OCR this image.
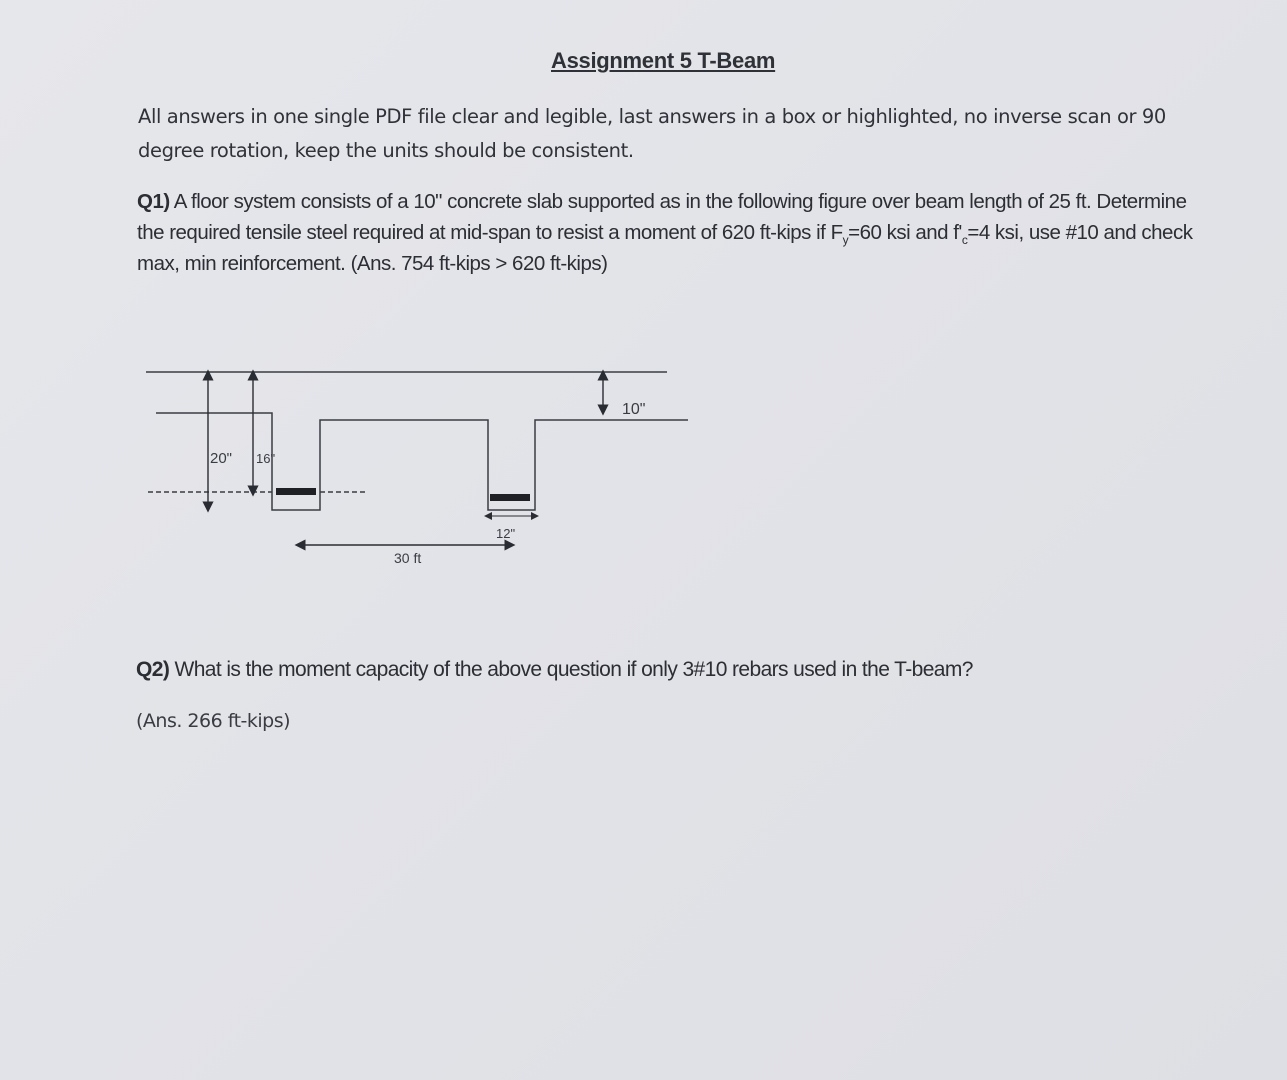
Assignment 5 T-Beam
All answers in one single PDF file clear and legible, last answers in a box or highlighted, no inverse scan or 90 degree rotation, keep the units should be consistent.
Q1) A floor system consists of a 10" concrete slab supported as in the following figure over beam length of 25 ft. Determine the required tensile steel required at mid-span to resist a moment of 620 ft-kips if $F_y=60$ ksi and $f'_c=4$ ksi, use #10 and check max, min reinforcement. (Ans. 754 ft-kips > 620 ft-kips)
20" 16"
10"
12"
30 ft
Q2) What is the moment capacity of the above question if only 3#10 rebars used in the T-beam?
(Ans. 266 ft-kips)
